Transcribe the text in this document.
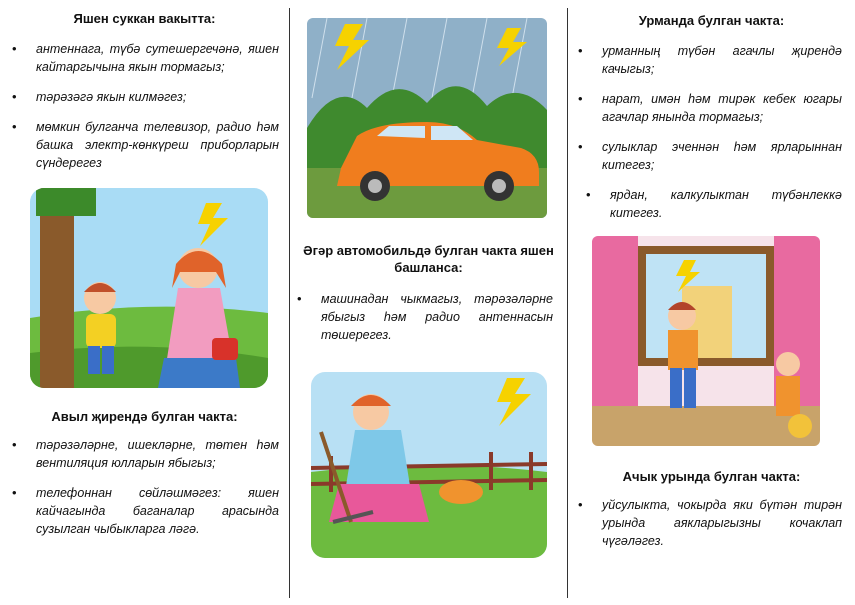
Яшен суккан вакытта:
• антеннага, түбә сутешергечәнә, яшен кайтаргычына якын тормагыз;
• тәрәзәгә якын килмәгез;
• мөмкин булганча телевизор, радио һәм башка электр-көнкүреш приборларын сүндерегез
Авыл җирендә булган чакта:
• тәрәзәләрне, ишекләрне, төтен һәм вентиляция юлларын ябыгыз;
• телефоннан сөйләшмәгез: яшен кайчагында баганалар арасында сузылган чыбыкларга ләгә.
Әгәр автомобильдә булган чакта яшен башланса:
• машинадан чыкмагыз, тәрәзәләрне ябыгыз һәм радио антеннасын төшерегез.
Урманда булган чакта:
• урманның түбән агачлы җирендә качыгыз;
• нарат, имән һәм тирәк кебек югары агачлар янында тормагыз;
• сулыклар эченнән һәм ярларыннан китегез;
• ярдан, калкулыктан түбәнлеккә китегез.
Ачык урында булган чакта:
• уйсулыкта, чокырда яки бүтән тирән урында аякларыгызны кочаклап чүгәләгез.
